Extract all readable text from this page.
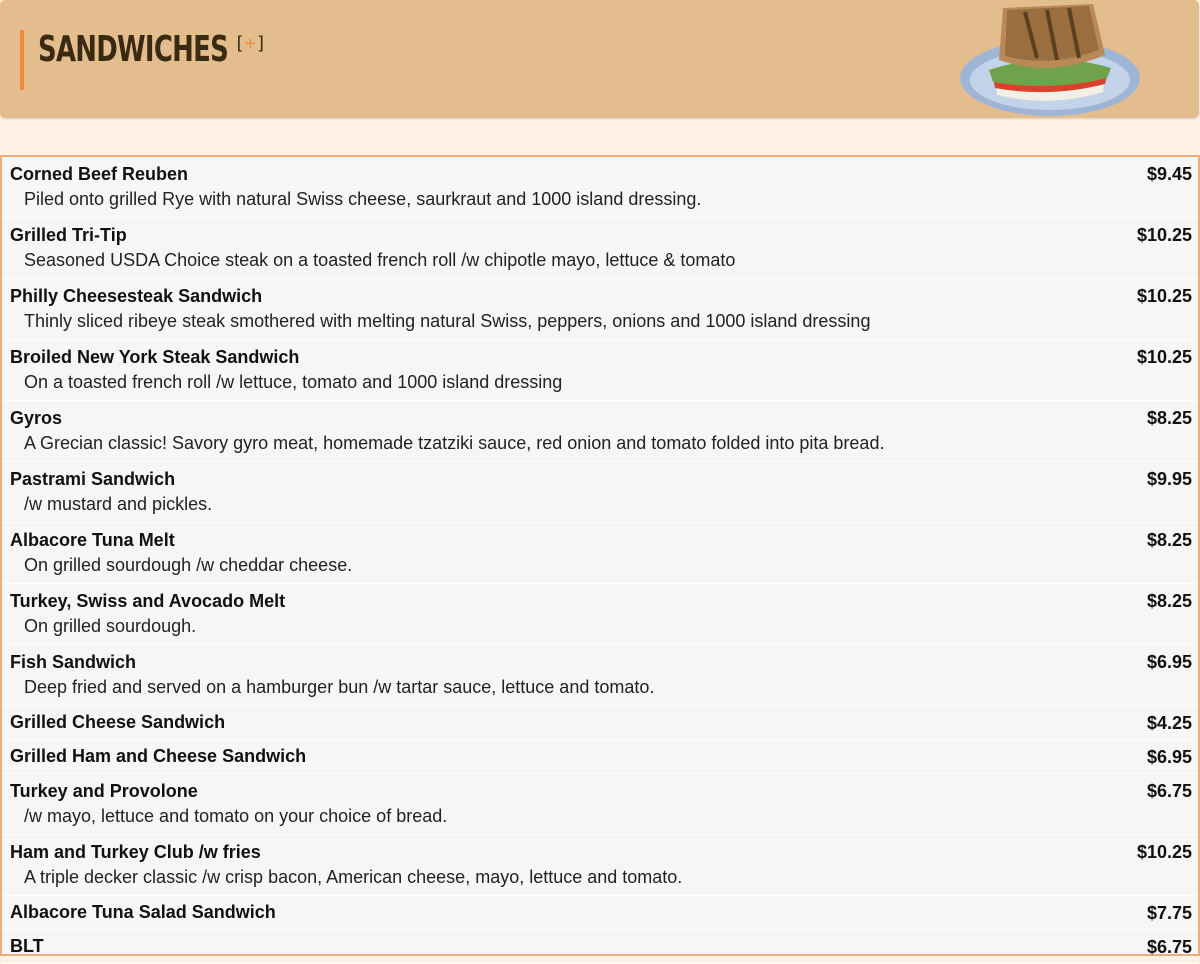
SANDWICHES [+]
Corned Beef Reuben	$9.45
Piled onto grilled Rye with natural Swiss cheese, saurkraut and 1000 island dressing.
Grilled Tri-Tip	$10.25
Seasoned USDA Choice steak on a toasted french roll /w chipotle mayo, lettuce & tomato
Philly Cheesesteak Sandwich	$10.25
Thinly sliced ribeye steak smothered with melting natural Swiss, peppers, onions and 1000 island dressing
Broiled New York Steak Sandwich	$10.25
On a toasted french roll /w lettuce, tomato and 1000 island dressing
Gyros	$8.25
A Grecian classic! Savory gyro meat, homemade tzatziki sauce, red onion and tomato folded into pita bread.
Pastrami Sandwich	$9.95
/w mustard and pickles.
Albacore Tuna Melt	$8.25
On grilled sourdough /w cheddar cheese.
Turkey, Swiss and Avocado Melt	$8.25
On grilled sourdough.
Fish Sandwich	$6.95
Deep fried and served on a hamburger bun /w tartar sauce, lettuce and tomato.
Grilled Cheese Sandwich	$4.25
Grilled Ham and Cheese Sandwich	$6.95
Turkey and Provolone	$6.75
/w mayo, lettuce and tomato on your choice of bread.
Ham and Turkey Club /w fries	$10.25
A triple decker classic /w crisp bacon, American cheese, mayo, lettuce and tomato.
Albacore Tuna Salad Sandwich	$7.75
BLT	$6.75
